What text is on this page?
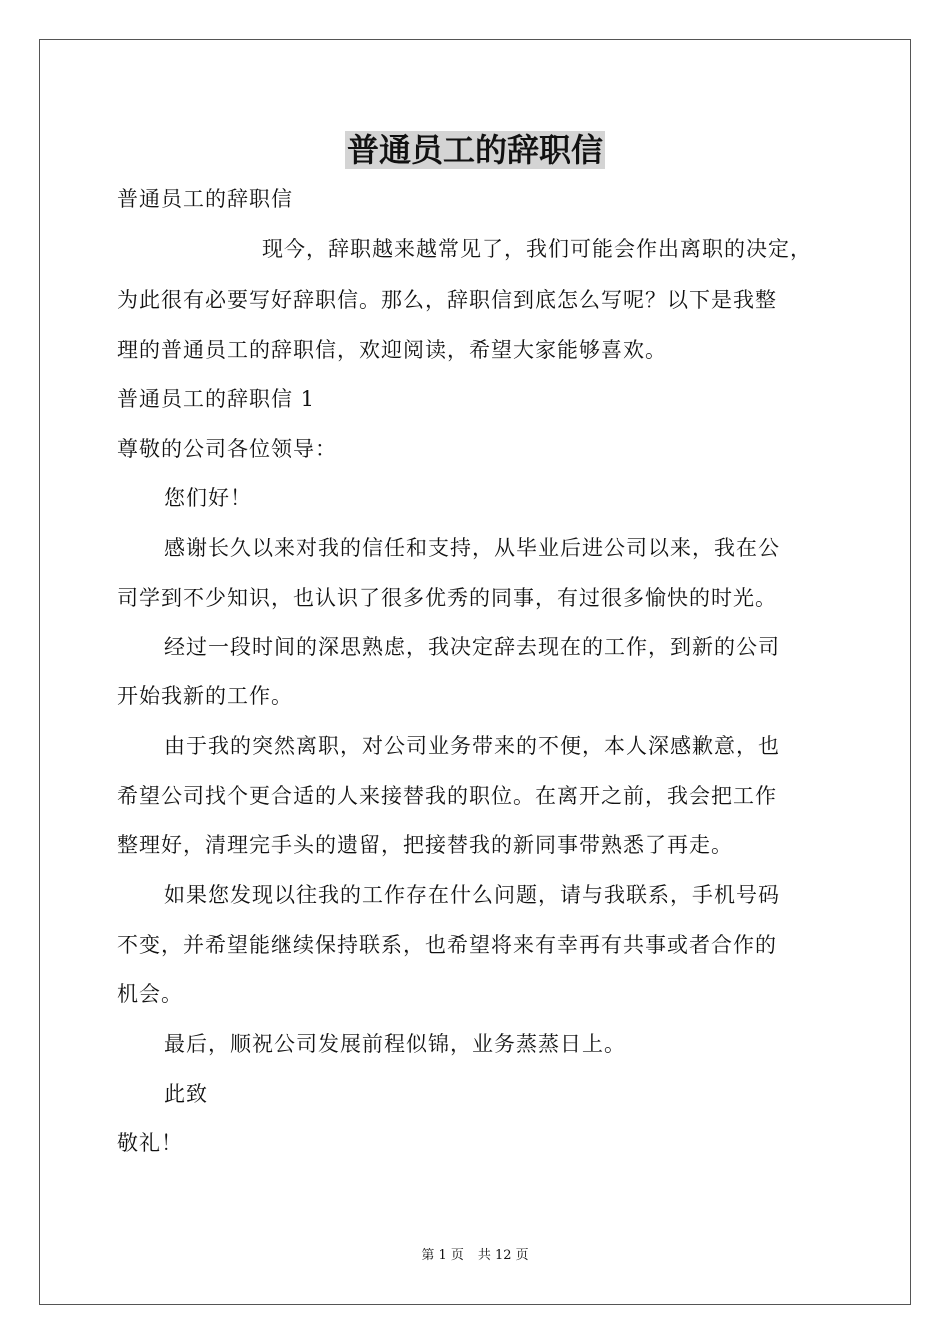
普通员工的辞职信

普通员工的辞职信

现今，辞职越来越常见了，我们可能会作出离职的决定，

为此很有必要写好辞职信。那么，辞职信到底怎么写呢？以下是我整

理的普通员工的辞职信，欢迎阅读，希望大家能够喜欢。

普通员工的辞职信 1

尊敬的公司各位领导：

您们好！

感谢长久以来对我的信任和支持，从毕业后进公司以来，我在公

司学到不少知识，也认识了很多优秀的同事，有过很多愉快的时光。

经过一段时间的深思熟虑，我决定辞去现在的工作，到新的公司

开始我新的工作。

由于我的突然离职，对公司业务带来的不便，本人深感歉意，也

希望公司找个更合适的人来接替我的职位。在离开之前，我会把工作

整理好，清理完手头的遗留，把接替我的新同事带熟悉了再走。

如果您发现以往我的工作存在什么问题，请与我联系，手机号码

不变，并希望能继续保持联系，也希望将来有幸再有共事或者合作的

机会。

最后，顺祝公司发展前程似锦，业务蒸蒸日上。

此致

敬礼！

第 1 页 共 12 页
